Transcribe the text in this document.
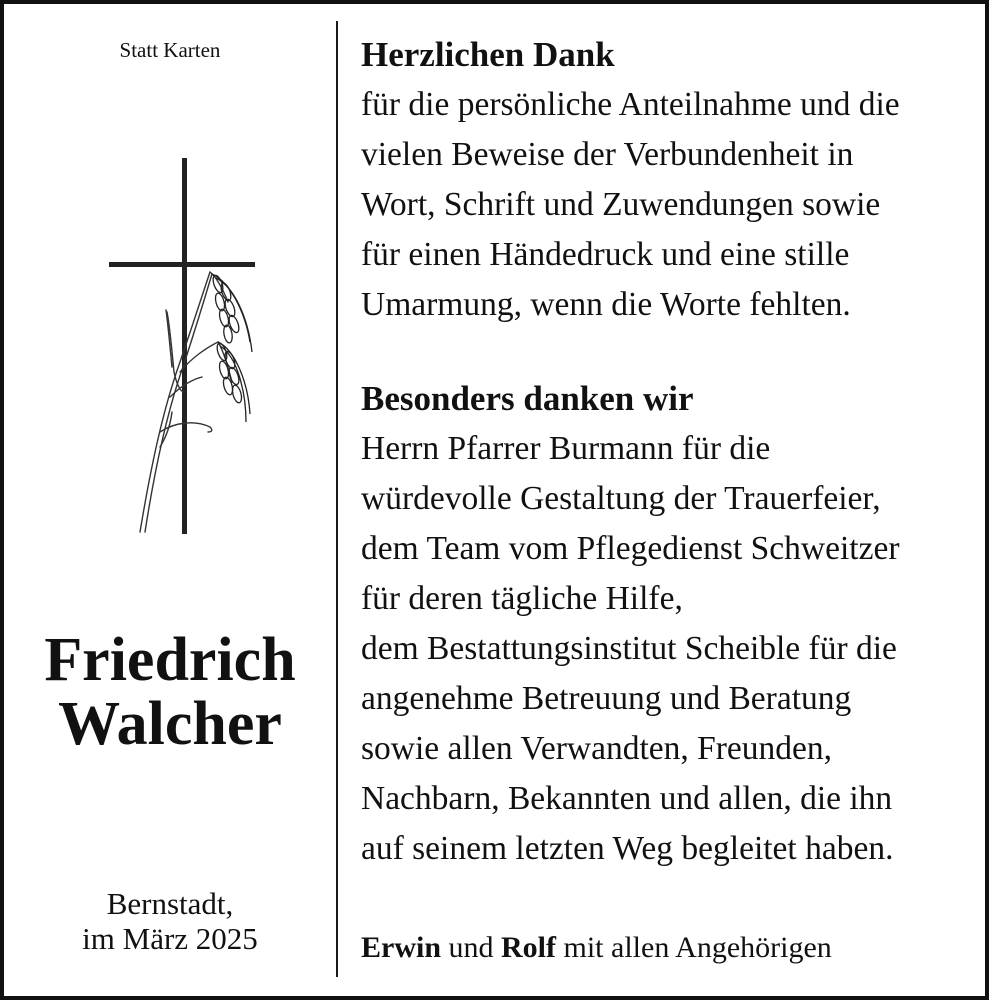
Statt Karten
Friedrich
Walcher
Bernstadt,
im März 2025
Herzlichen Dank
für die persönliche Anteilnahme und die
vielen Beweise der Verbundenheit in
Wort, Schrift und Zuwendungen sowie
für einen Händedruck und eine stille
Umarmung, wenn die Worte fehlten.
Besonders danken wir
Herrn Pfarrer Burmann für die
würdevolle Gestaltung der Trauerfeier,
dem Team vom Pflegedienst Schweitzer
für deren tägliche Hilfe,
dem Bestattungsinstitut Scheible für die
angenehme Betreuung und Beratung
sowie allen Verwandten, Freunden,
Nachbarn, Bekannten und allen, die ihn
auf seinem letzten Weg begleitet haben.
Erwin und Rolf mit allen Angehörigen
